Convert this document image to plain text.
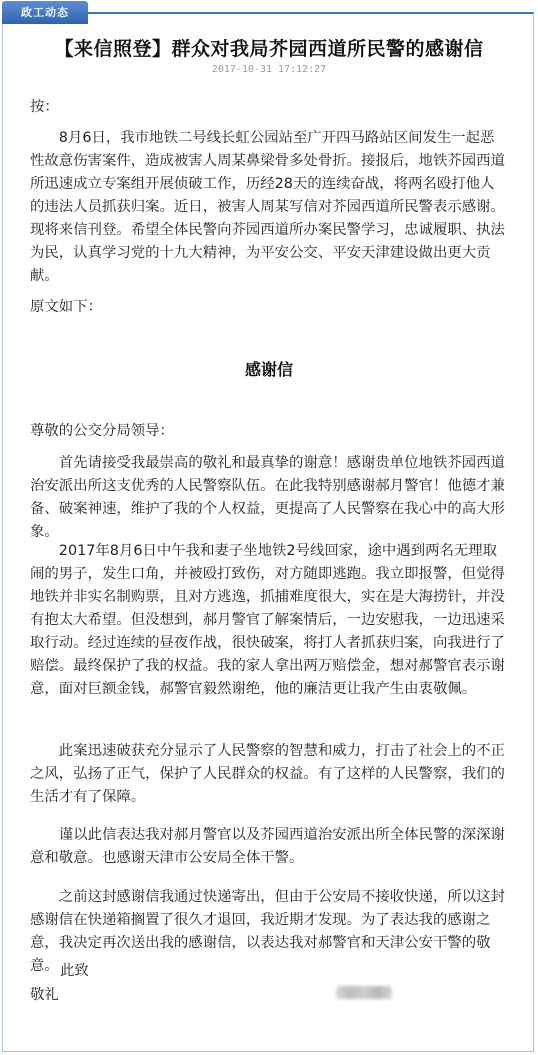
政工动态
【来信照登】群众对我局芥园西道所民警的感谢信
2017-10-31 17:12:27
按：

8月6日，我市地铁二号线长虹公园站至广开四马路站区间发生一起恶性故意伤害案件，造成被害人周某鼻梁骨多处骨折。接报后，地铁芥园西道所迅速成立专案组开展侦破工作，历经28天的连续奋战，将两名殴打他人的违法人员抓获归案。近日，被害人周某写信对芥园西道所民警表示感谢。现将来信刊登。希望全体民警向芥园西道所办案民警学习，忠诚履职、执法为民，认真学习党的十九大精神，为平安公交、平安天津建设做出更大贡献。

原文如下：
感谢信
尊敬的公交分局领导：

首先请接受我最崇高的敬礼和最真挚的谢意！感谢贵单位地铁芥园西道治安派出所这支优秀的人民警察队伍。在此我特别感谢郝月警官！他德才兼备、破案神速，维护了我的个人权益，更提高了人民警察在我心中的高大形象。

2017年8月6日中午我和妻子坐地铁2号线回家，途中遇到两名无理取闹的男子，发生口角，并被殴打致伤，对方随即逃跑。我立即报警，但觉得地铁并非实名制购票，且对方逃逸，抓捕难度很大，实在是大海捞针，并没有抱太大希望。但没想到，郝月警官了解案情后，一边安慰我，一边迅速采取行动。经过连续的昼夜作战，很快破案，将打人者抓获归案，向我进行了赔偿。最终保护了我的权益。我的家人拿出两万赔偿金，想对郝警官表示谢意，面对巨额金钱，郝警官毅然谢绝，他的廉洁更让我产生由衷敬佩。

此案迅速破获充分显示了人民警察的智慧和威力，打击了社会上的不正之风，弘扬了正气，保护了人民群众的权益。有了这样的人民警察，我们的生活才有了保障。

谨以此信表达我对郝月警官以及芥园西道治安派出所全体民警的深深谢意和敬意。也感谢天津市公安局全体干警。

之前这封感谢信我通过快递寄出，但由于公安局不接收快递，所以这封感谢信在快递箱搁置了很久才退回，我近期才发现。为了表达我的感谢之意，我决定再次送出我的感谢信，以表达我对郝警官和天津公安干警的敬意。 此致
敬礼
